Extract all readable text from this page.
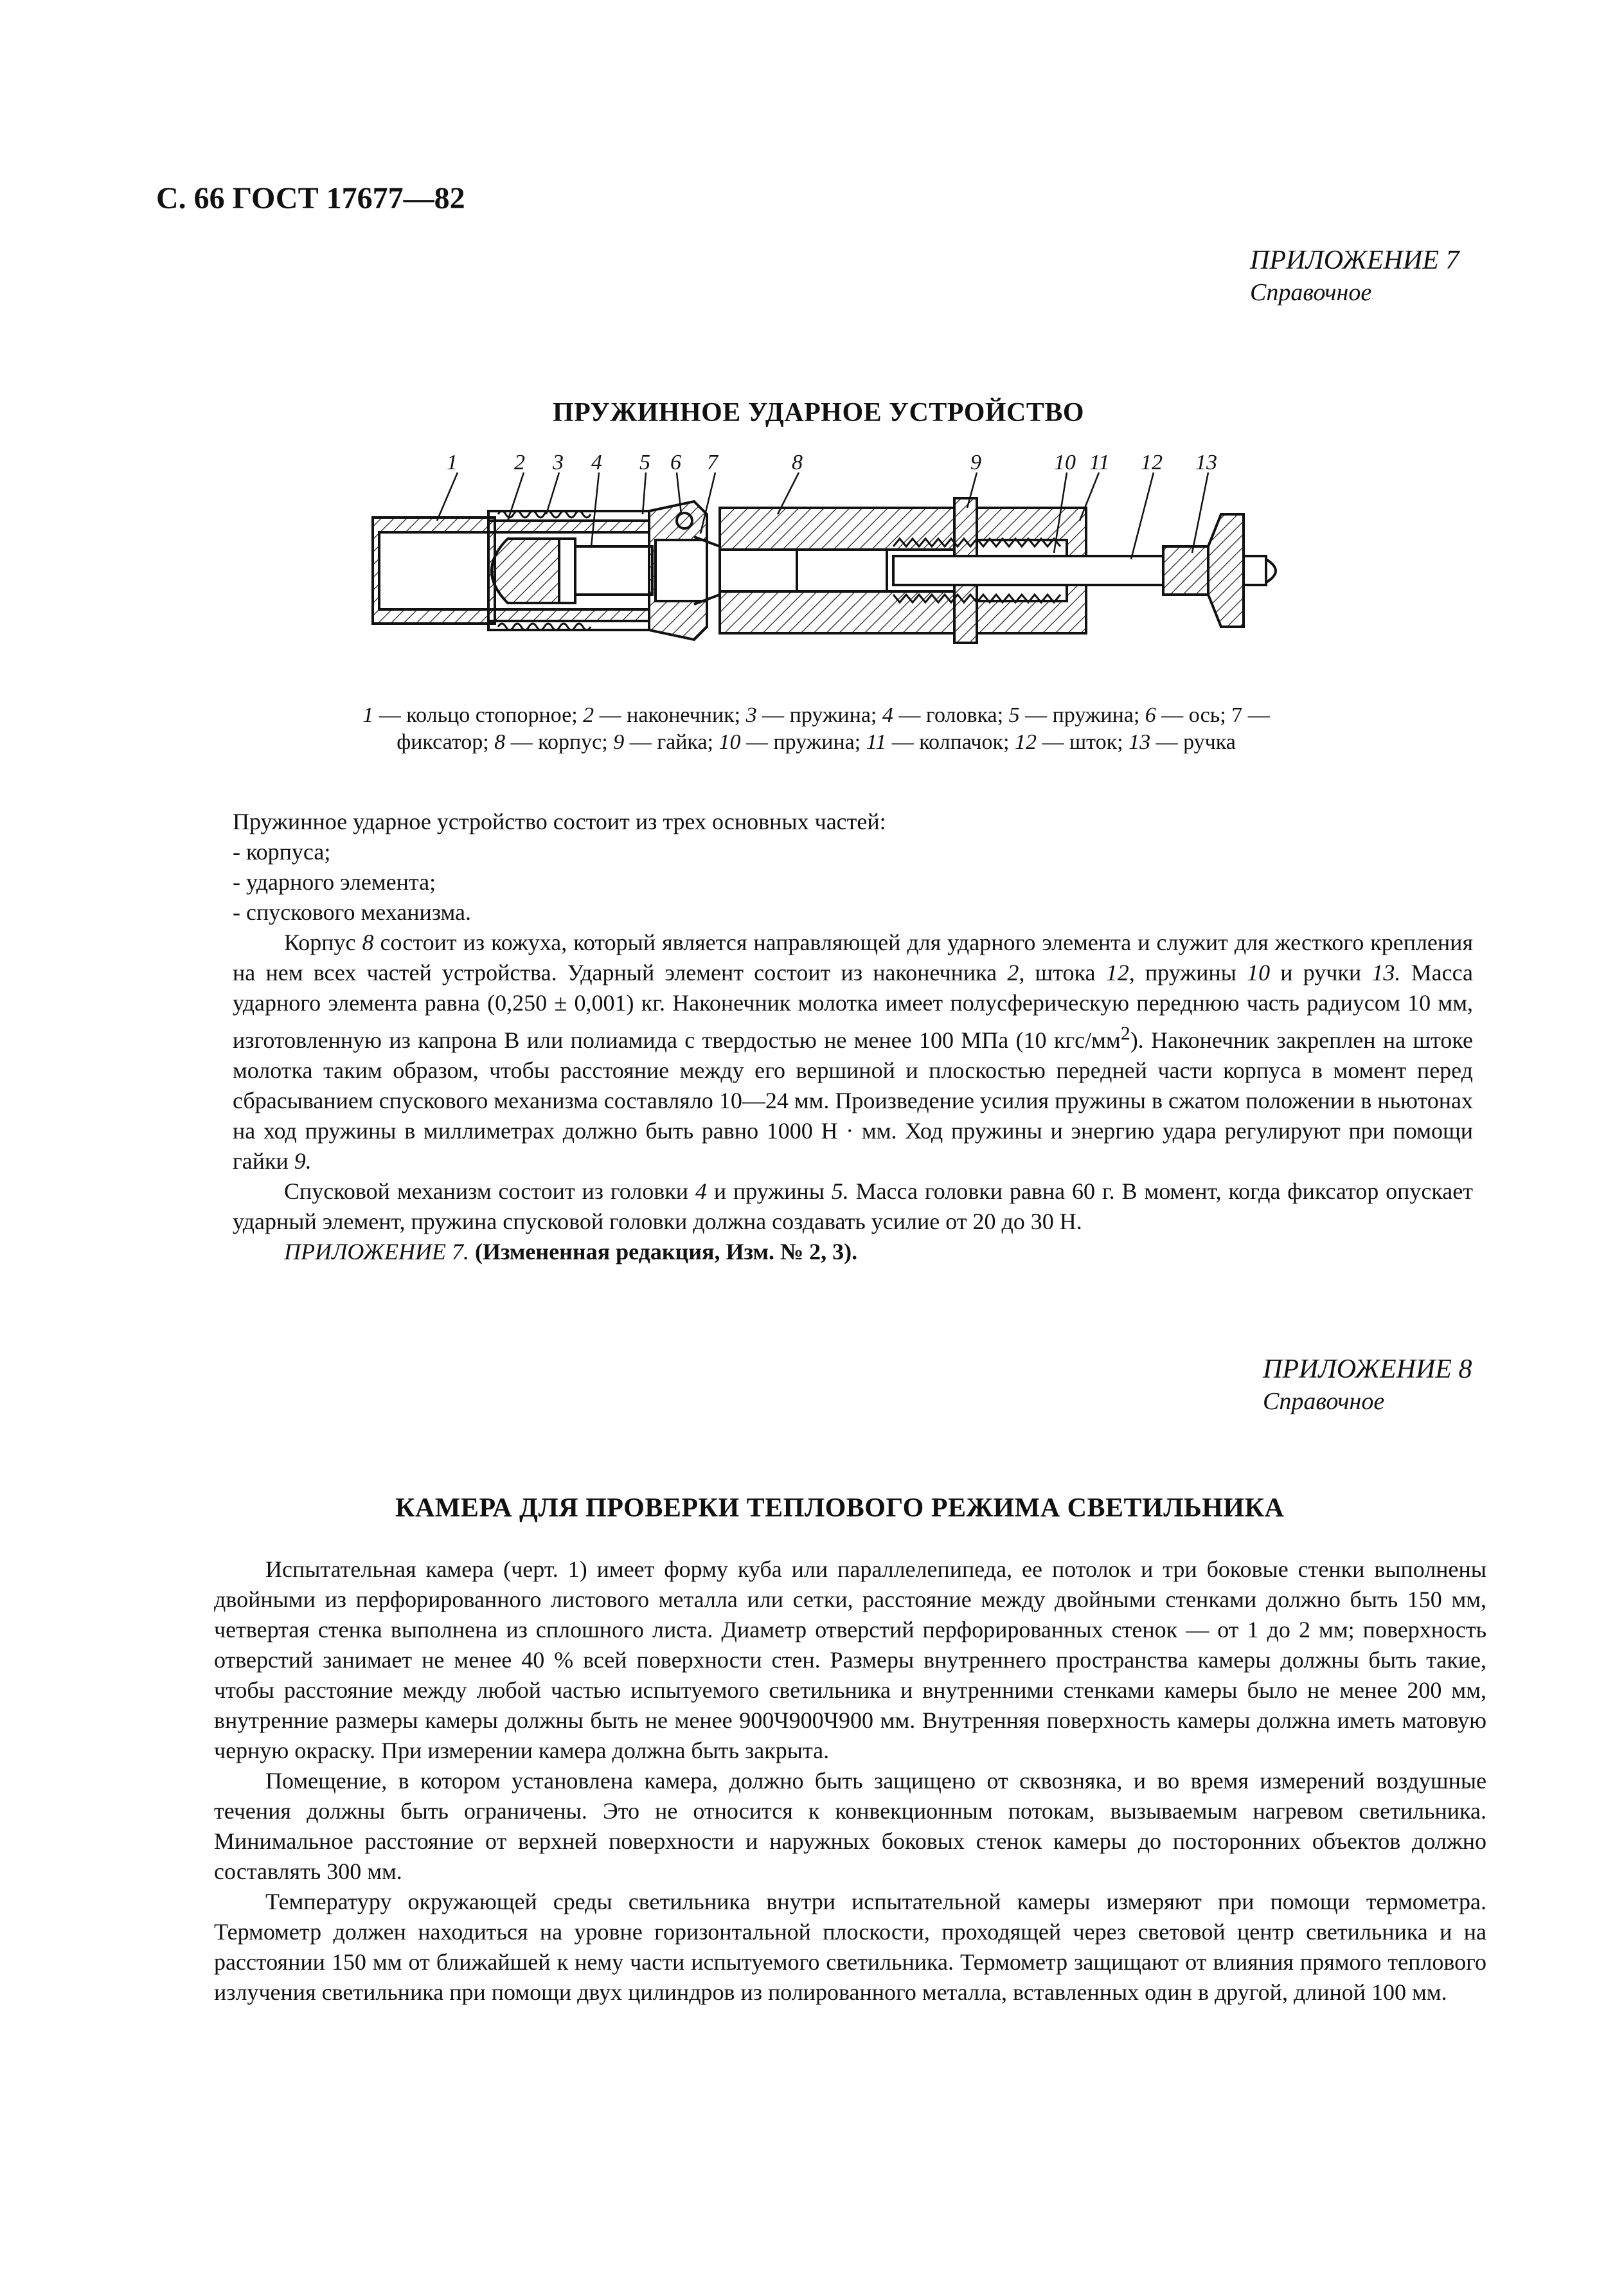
С. 66 ГОСТ 17677—82
ПРИЛОЖЕНИЕ 7
Справочное
ПРУЖИННОЕ УДАРНОЕ УСТРОЙСТВО
1	2 3 4 5 6 7	8	9	10 11 12 13
1 — кольцо стопорное; 2 — наконечник; 3 — пружина; 4 — головка; 5 — пружина; 6 — ось; 7 — фиксатор; 8 — корпус; 9 — гайка; 10 — пружина; 11 — колпачок; 12 — шток; 13 — ручка

Пружинное ударное устройство состоит из трех основных частей:

- корпуса;

- ударного элемента;

- спускового механизма.

Корпус 8 состоит из кожуха, который является направляющей для ударного элемента и служит для жесткого крепления на нем всех частей устройства. Ударный элемент состоит из наконечника 2, штока 12, пружины 10 и ручки 13. Масса ударного элемента равна (0,250 ± 0,001) кг. Наконечник молотка имеет полусферическую переднюю часть радиусом 10 мм, изготовленную из капрона В или полиамида с твердостью не менее 100 МПа (10 кгс/$мм^2$). Наконечник закреплен на штоке молотка таким образом, чтобы расстояние между его вершиной и плоскостью передней части корпуса в момент перед сбрасыванием спускового механизма составляло 10—24 мм. Произведение усилия пружины в сжатом положении в ньютонах на ход пружины в миллиметрах должно быть равно 1000 Н · мм. Ход пружины и энергию удара регулируют при помощи гайки 9.

Спусковой механизм состоит из головки 4 и пружины 5. Масса головки равна 60 г. В момент, когда фиксатор опускает ударный элемент, пружина спусковой головки должна создавать усилие от 20 до 30 Н.

ПРИЛОЖЕНИЕ 7. (Измененная редакция, Изм. № 2, 3).

ПРИЛОЖЕНИЕ 8
Справочное
КАМЕРА ДЛЯ ПРОВЕРКИ ТЕПЛОВОГО РЕЖИМА СВЕТИЛЬНИКА

Испытательная камера (черт. 1) имеет форму куба или параллелепипеда, ее потолок и три боковые стенки выполнены двойными из перфорированного листового металла или сетки, расстояние между двойными стенками должно быть 150 мм, четвертая стенка выполнена из сплошного листа. Диаметр отверстий перфорированных стенок — от 1 до 2 мм; поверхность отверстий занимает не менее 40 % всей поверхности стен. Размеры внутреннего пространства камеры должны быть такие, чтобы расстояние между любой частью испытуемого светильника и внутренними стенками камеры было не менее 200 мм, внутренние размеры камеры должны быть не менее 900Ч900Ч900 мм. Внутренняя поверхность камеры должна иметь матовую черную окраску. При измерении камера должна быть закрыта.

Помещение, в котором установлена камера, должно быть защищено от сквозняка, и во время измерений воздушные течения должны быть ограничены. Это не относится к конвекционным потокам, вызываемым нагревом светильника. Минимальное расстояние от верхней поверхности и наружных боковых стенок камеры до посторонних объектов должно составлять 300 мм.

Температуру окружающей среды светильника внутри испытательной камеры измеряют при помощи термометра. Термометр должен находиться на уровне горизонтальной плоскости, проходящей через световой центр светильника и на расстоянии 150 мм от ближайшей к нему части испытуемого светильника. Термометр защищают от влияния прямого теплового излучения светильника при помощи двух цилиндров из полированного металла, вставленных один в другой, длиной 100 мм.
